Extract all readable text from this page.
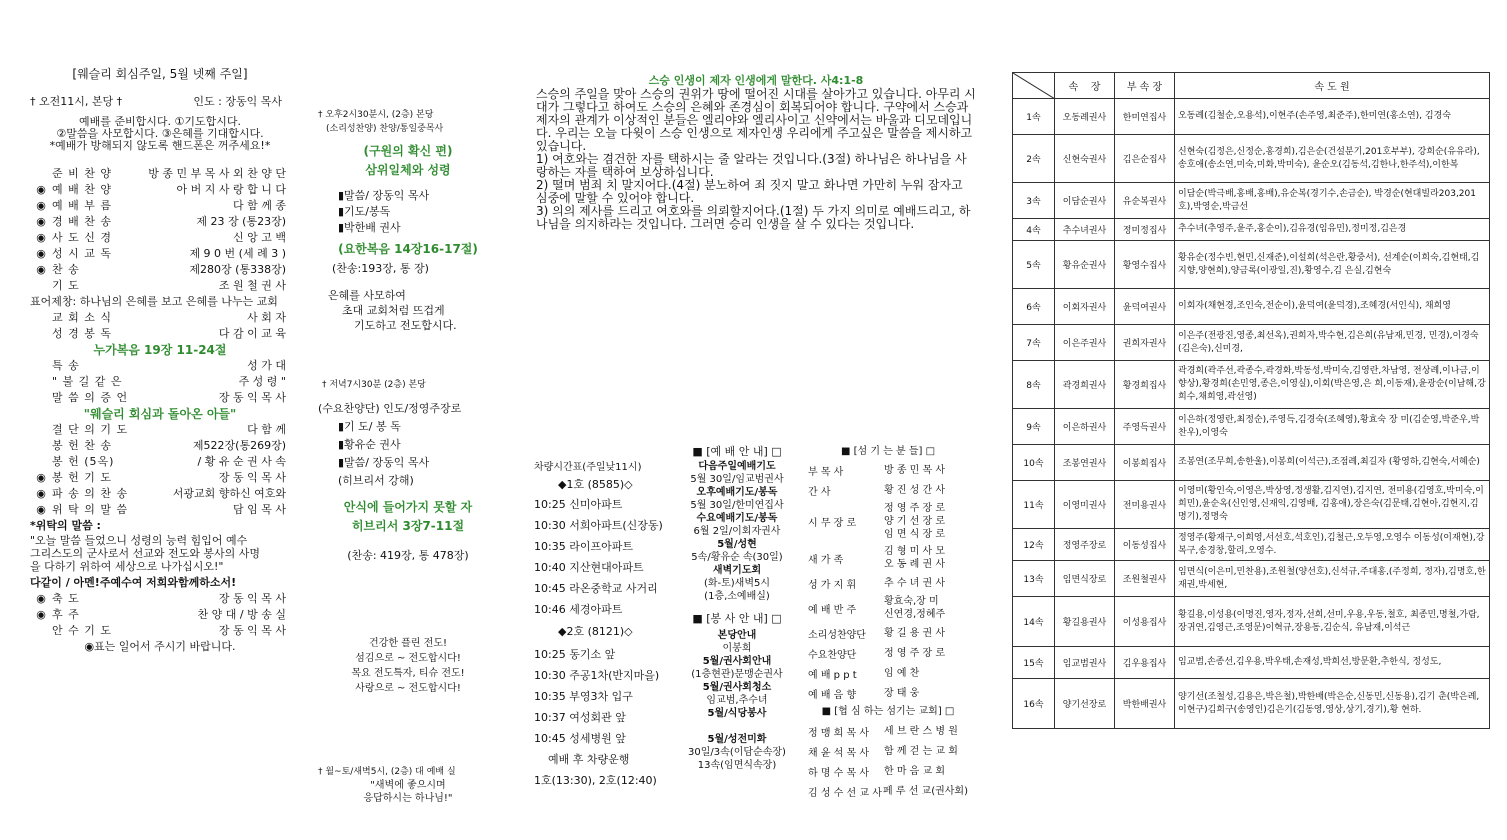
[웨슬리 회심주일, 5월 넷째 주일]
† 오전11시, 본당 †	인도 : 장동익 목사
예배를 준비합시다. ①기도합시다.
②말씀을 사모합시다. ③은혜를 기대합시다.
*예배가 방해되지 않도록 핸드폰은 꺼주세요!*
준 비 찬 양	방 종 민 부 목 사 외 찬 양 단
◉ 예 배 찬 양	아 버 지 사 랑 합 니 다
◉ 예 배 부 름	다 함 께 종
◉ 경 배 찬 송	제 23 장 (통23장)
◉ 사 도 신 경	신 앙 고 백
◉ 성 시 교 독	제 9 0 번 (세 례 3 )
◉ 찬 송	제280장 (통338장)
기 도	조 원 철 권 사
표어제창: 하나님의 은혜를 보고 은혜를 나누는 교회
교 회 소 식	사 회 자
성 경 봉 독	다 감 이 교 육
누가복음 19장 11-24절
특 송	성 가 대
" 불 길 같 은	주 성 령 "
말 씀 의 증 언	장 동 익 목 사
"웨슬리 회심과 돌아온 아들"
결 단 의 기 도	다 함 께
봉 헌 찬 송	제522장(통269장)
봉 헌 (5옥)	/ 황 유 순 권 사 속
◉ 봉 헌 기 도	장 동 익 목 사
◉ 파 송 의 찬 송	서광교회 향하신 여호와
◉ 위 탁 의 말 씀	담 임 목 사
*위탁의 말씀 :
"오늘 말씀 들었으니 성령의 능력 힘입어 예수
그리스도의 군사로서 선교와 전도와 봉사의 사명
을 다하기 위하여 세상으로 나가십시오!"
다같이 / 아멘!주예수여 저희와함께하소서!
◉ 축 도	장 동 익 목 사
◉ 후 주	찬 양 대 / 방 송 실
안 수 기 도	장 동 익 목 사
◉표는 일어서 주시기 바랍니다.
† 오후2시30분시, (2층) 본당
(소리성찬양) 찬양/통일중목사
(구원의 확신 편)
삼위일체와 성령
▮말씀/ 장동익 목사
▮기도/봉독
▮박한배 권사
(요한복음 14장16-17절)
(찬송:193장, 통 장)
은혜를 사모하여
초대 교회처럼 뜨겁게
기도하고 전도합시다.
† 저녁7시30분 (2층) 본당
(수요찬양단) 인도/정영주장로
▮기 도/ 봉 독
▮황유순 권사
▮말씀/ 장동익 목사
(히브리서 강해)
안식에 들어가지 못할 자
히브리서 3장7-11절
(찬송: 419장, 통 478장)
건강한 플린 전도!
섬김으로 ~ 전도합시다!
목요 전도특자, 티슈 전도!
사랑으로 ~ 전도합시다!
† 월~토/새벽5시, (2층) 대 예배 실
"새벽에 좋으시며
응답하시는 하나님!"
스승 인생이 제자 인생에게 말한다. 사4:1-8
스승의 주일을 맞아 스승의 권위가 땅에 떨어진 시대를 살아가고 있습니다. 아무리 시대가 그렇다고 하여도 스승의 은혜와 존경심이 회복되어야 합니다. 구약에서 스승과 제자의 관계가 이상적인 분들은 엘리야와 엘리사이고 신약에서는 바울과 디모데입니다. 우리는 오늘 다윗이 스승 인생으로 제자인생 우리에게 주고싶은 말씀을 제시하고 있습니다.
1) 여호와는 겸건한 자를 택하시는 줄 알라는 것입니다.(3절) 하나님은 하나님을 사랑하는 자를 택하여 보상하십니다.
2) 떨며 범죄 치 말지어다.(4절) 분노하여 죄 짓지 말고 화나면 가만히 누워 잠자고 심중에 말할 수 있어야 합니다.
3) 의의 제사를 드리고 여호와를 의뢰할지어다.(1절) 두 가지 의미로 예배드리고, 하나님을 의지하라는 것입니다. 그러면 승리 인생을 살 수 있다는 것입니다.
차량시간표(주일낮11시)
◆1호 (8585)◇
10:25 신미아파트
10:30 서희아파트(신장동)
10:35 라이프아파트
10:40 지산현대아파트
10:45 라온중학교 사거리
10:46 세경아파트
◆2호 (8121)◇
10:25 동기소 앞
10:30 주공1차(반지마을)
10:35 부영3차 입구
10:37 여성회관 앞
10:45 성세병원 앞
예배 후 차량운행
1호(13:30), 2호(12:40)
■ [예 배 안 내] □
다음주일예배기도
5월 30일/임교범권사
오후예배기도/봉독
5월 30일/한미연집사
수요예배기도/봉독
6월 2일/이회자권사
5월/성현
5속/황유순 속(30일)
새벽기도회
(화-토)새벽5시
(1층,소예배실)
■ [봉 사 안 내] □
본당안내
이봉희
5월/권사회안내
(1층현관)문맹순권사
5월/권사회청소
임교범,추수녀
5월/식당봉사
5월/성전미화
30일/3속(이담순속장)
13속(임면식속장)
■ [섬 기 는 분 들] □
부 목 사	방 종 민 목 사
간 사	황 진 성 간 사
시 무 장 로
정 영 주 장 로
양 기 선 장 로
임 면 식 장 로
새 가 족
김 형 미 사 모
오 동 례 권 사
성 가 지 휘	추 수 녀 권 사
예 배 반 주
황효숙,장 미
신연경,정혜주
소리성찬양단	황 길 용 권 사
수요찬양단	정 영 주 장 로
예 배 p p t	임 예 찬
예 배 음 향	장 태 웅
■ [협 심 하는 섬기는 교회] □
정 맹 희 목 사	세 브 란 스 병 원
채 윤 석 목 사	함 께 걷 는 교 회
하 명 수 목 사	한 마 음 교 회
김 성 수 선 교 사 페 루 선 교(권사회)
	속 장	부 속 장	속 도 원
1속	오동례권사	한미연집사	오동례(김철순,오용석),이현주(손주영,최준주),한미연(홍소연), 김경숙
2속	신현숙권사	김은순집사	신현숙(김정은,신정순,홍경희),김은순(건설분기,201호부부), 강희순(유유라),송호애(송소연,미숙,미화,박미숙), 윤순오(김동석,김한나,한주석),이한복
3속	이담순권사	유순복권사	이담순(박극배,홍배,홍배),유순복(경기수,손금순), 박경순(현대빌라203,201호),박영순,박금선
4속	추수녀권사	정미정집사	추수녀(추영주,윤주,홍순이),김유경(임유민),정미정,김은경
5속	황유순권사	황영수집사	황유순(정수빈,현민,신재준),이설희(석은란,황중서), 선계순(이희숙,김현태,김지향,양현희),양금록(이광일,진),황영수,김 은실,김현숙
6속	이회자권사	윤덕여권사	이회자(채현경,조인숙,전순이),윤덕여(윤덕경),조혜경(서인식), 채희영
7속	이은주권사	권희자권사	이은주(전광진,영종,최선옥),권희자,박수현,김은희(유남재,민경, 민경),이경숙(김은숙),신미경,
8속	곽경희권사	황경희집사	곽경희(곽주선,곽종수,곽경화,박동성,박미숙,김영란,차남영, 전상례,이나금,이향상),황경희(손민영,종은,이영실),이회(박은영,은 희,이동재),윤광순(이남해,강희수,채희영,곽선영)
9속	이은하권사	주영득권사	이은하(정영란,최정순),주영득,김경숙(조혜영),황효숙 장 미(김순영,박준우,박찬우),이영숙
10속	조봉연권사	이봉희집사	조봉연(조무희,송한울),이봉희(이석근),조점례,최길자 (황영하,김현숙,서혜순)
11속	이영미권사	전미용권사	이영미(황인숙,이영은,박상영,정생활,김지연),김지연, 전미용(김영호,박미숙,이희민),윤순옥(신인영,신재익,김영배, 김홍애),장은숙(김문태,김현아,김현지,김명기),정명숙
12속	정영주장로	이동성집사	정영주(황재구,이희영,서선호,석호인),김철근,오두영,오영수 이동성(이재현),강복구,송경창,할리,오영수.
13속	임면식장로	조원철권사	임면식(이은미,민찬용),조원철(양선호),신석규,주대홍,(주정희, 정자),김명호,한재권,박세현,
14속	황길용권사	이성용집사	황길용,이성용(이명진,영자,정자,선희,선미,우용,우동,철호, 최종민,명철,가람,장귀연,김영근,조영문)이혁규,장용동,김순식, 유남재,이석근
15속	임교범권사	김우용집사	임교범,손종선,김우용,박우태,손재성,박희선,방문환,추한식, 정성도,
16속	양기선장로	박한배권사	양기선(조철성,김용은,박은철),박한배(박은순,신동민,신동용),김기 춘(박은례,이현구)김희구(송영인)김은기(김동영,영상,상기,경기),황 현하.
